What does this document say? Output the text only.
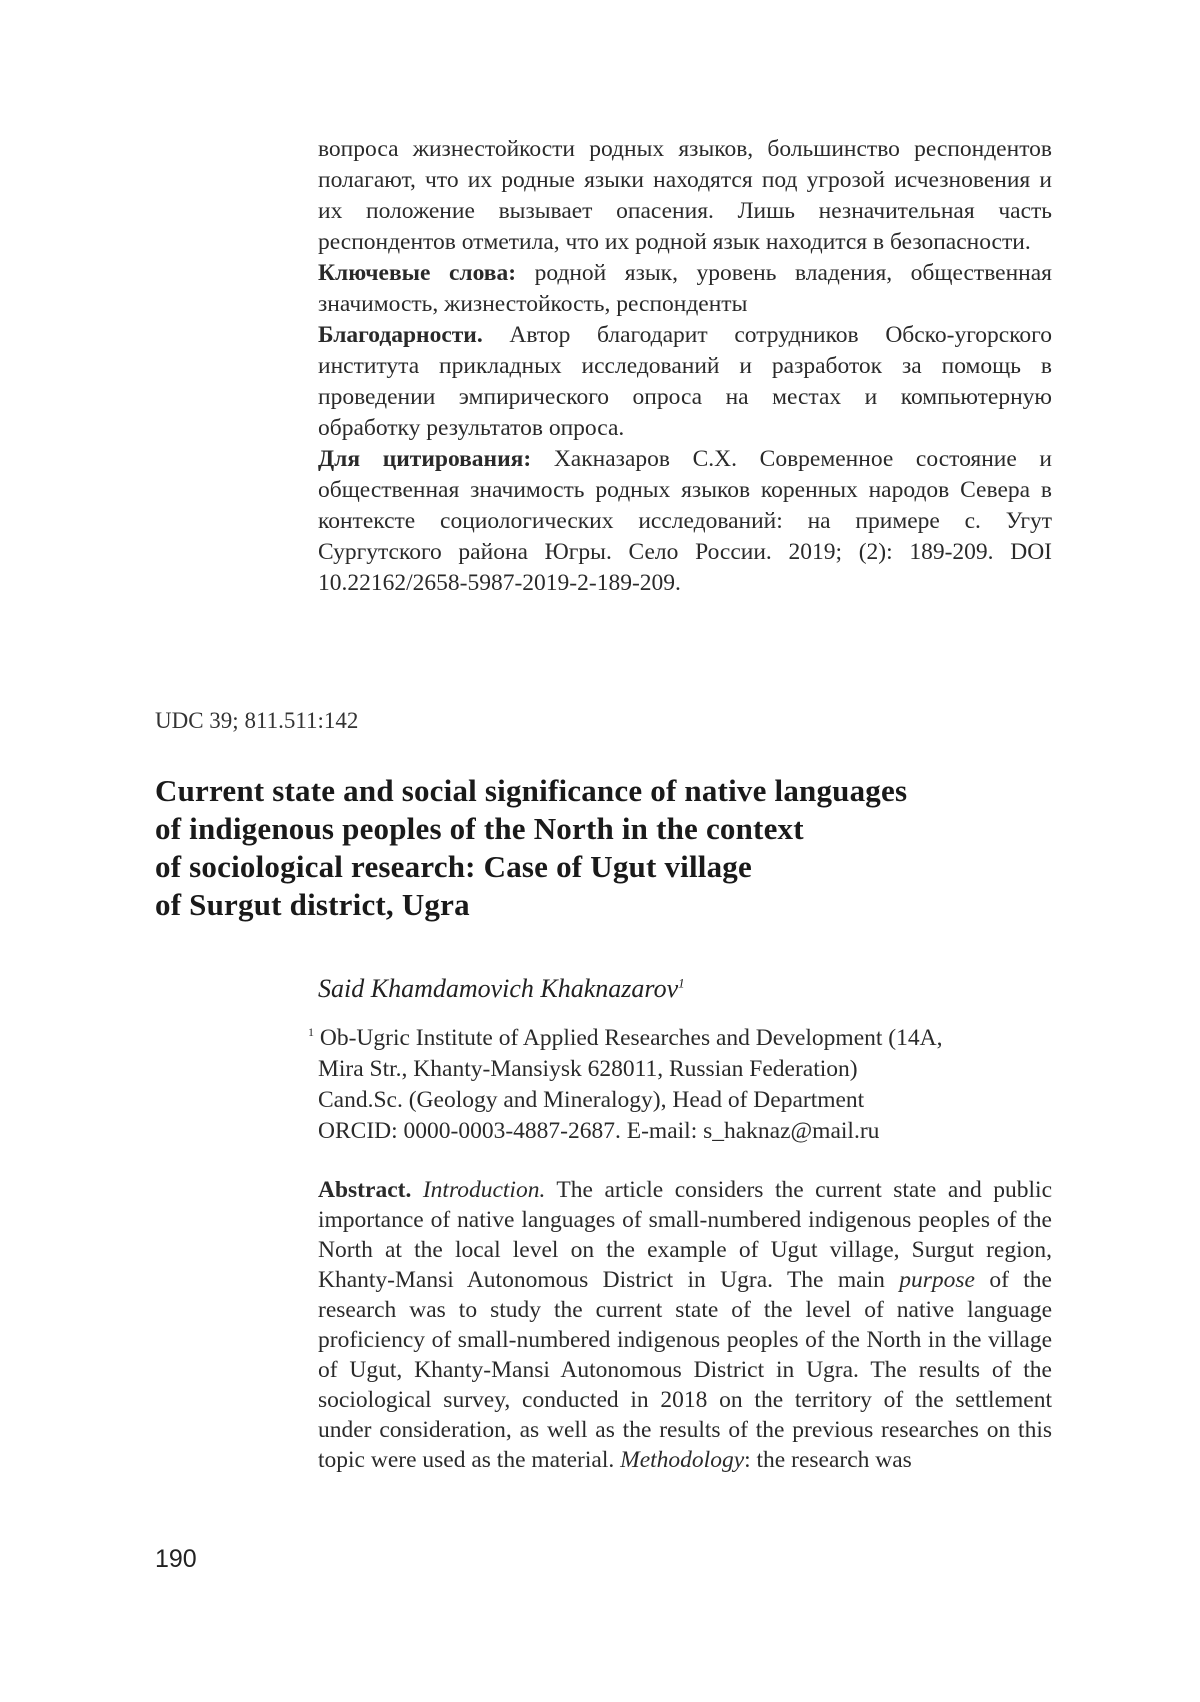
вопроса жизнестойкости родных языков, большинство респондентов полагают, что их родные языки находятся под угрозой исчезновения и их положение вызывает опасения. Лишь незначительная часть респондентов отметила, что их родной язык находится в безопасности.

Ключевые слова: родной язык, уровень владения, общественная значимость, жизнестойкость, респонденты

Благодарности. Автор благодарит сотрудников Обско-угорского института прикладных исследований и разработок за помощь в проведении эмпирического опроса на местах и компьютерную обработку результатов опроса.

Для цитирования: Хакназаров С.Х. Современное состояние и общественная значимость родных языков коренных народов Севера в контексте социологических исследований: на примере с. Угут Сургутского района Югры. Село России. 2019; (2): 189-209. DOI 10.22162/2658-5987-2019-2-189-209.

UDC 39; 811.511:142
Current state and social significance of native languages
of indigenous peoples of the North in the context
of sociological research: Case of Ugut village
of Surgut district, Ugra
Said Khamdamovich Khaknazarov$^1$
$^1$ Ob-Ugric Institute of Applied Researches and Development (14A,
Mira Str., Khanty-Mansiysk 628011, Russian Federation)
Cand.Sc. (Geology and Mineralogy), Head of Department
ORCID: 0000-0003-4887-2687. E-mail: s_haknaz@mail.ru

Abstract. Introduction. The article considers the current state and public importance of native languages of small-numbered indigenous peoples of the North at the local level on the example of Ugut village, Surgut region, Khanty-Mansi Autonomous District in Ugra. The main purpose of the research was to study the current state of the level of native language proficiency of small-numbered indigenous peoples of the North in the village of Ugut, Khanty-Mansi Autonomous District in Ugra. The results of the sociological survey, conducted in 2018 on the territory of the settlement under consideration, as well as the results of the previous researches on this topic were used as the material. Methodology: the research was

190
